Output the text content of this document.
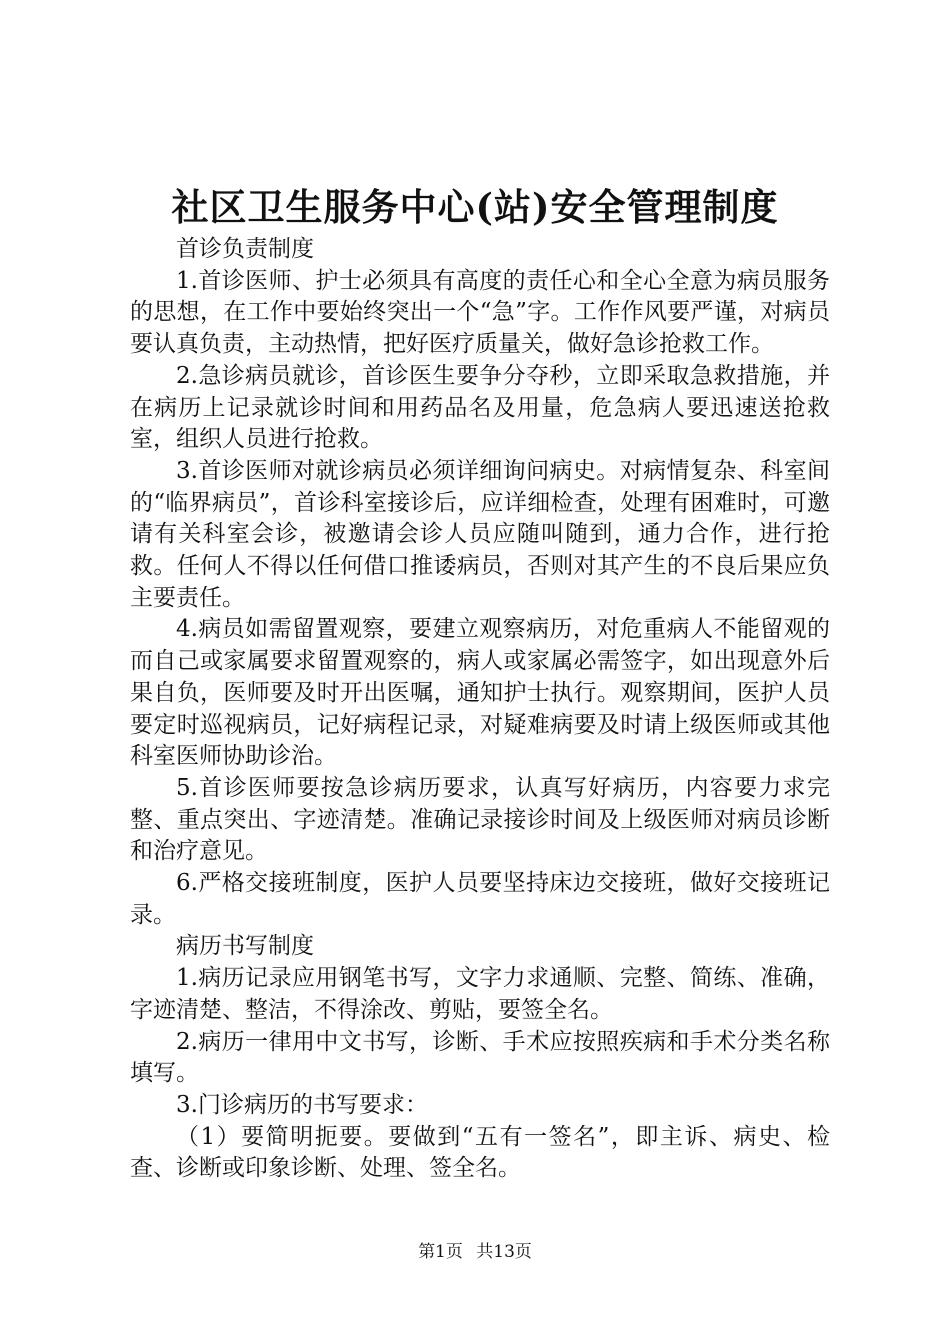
社区卫生服务中心(站)安全管理制度

首诊负责制度

1.首诊医师、护士必须具有高度的责任心和全心全意为病员服务的思想，在工作中要始终突出一个“急”字。工作作风要严谨，对病员要认真负责，主动热情，把好医疗质量关，做好急诊抢救工作。

2.急诊病员就诊，首诊医生要争分夺秒，立即采取急救措施，并在病历上记录就诊时间和用药品名及用量，危急病人要迅速送抢救室，组织人员进行抢救。

3.首诊医师对就诊病员必须详细询问病史。对病情复杂、科室间的“临界病员”，首诊科室接诊后，应详细检查，处理有困难时，可邀请有关科室会诊，被邀请会诊人员应随叫随到，通力合作，进行抢救。任何人不得以任何借口推诿病员，否则对其产生的不良后果应负主要责任。

4.病员如需留置观察，要建立观察病历，对危重病人不能留观的而自己或家属要求留置观察的，病人或家属必需签字，如出现意外后果自负，医师要及时开出医嘱，通知护士执行。观察期间，医护人员要定时巡视病员，记好病程记录，对疑难病要及时请上级医师或其他科室医师协助诊治。

5.首诊医师要按急诊病历要求，认真写好病历，内容要力求完整、重点突出、字迹清楚。准确记录接诊时间及上级医师对病员诊断和治疗意见。

6.严格交接班制度，医护人员要坚持床边交接班，做好交接班记录。

病历书写制度

1.病历记录应用钢笔书写，文字力求通顺、完整、简练、准确，字迹清楚、整洁，不得涂改、剪贴，要签全名。

2.病历一律用中文书写，诊断、手术应按照疾病和手术分类名称填写。

3.门诊病历的书写要求：

（1）要简明扼要。要做到“五有一签名”，即主诉、病史、检查、诊断或印象诊断、处理、签全名。

第1页 共13页
